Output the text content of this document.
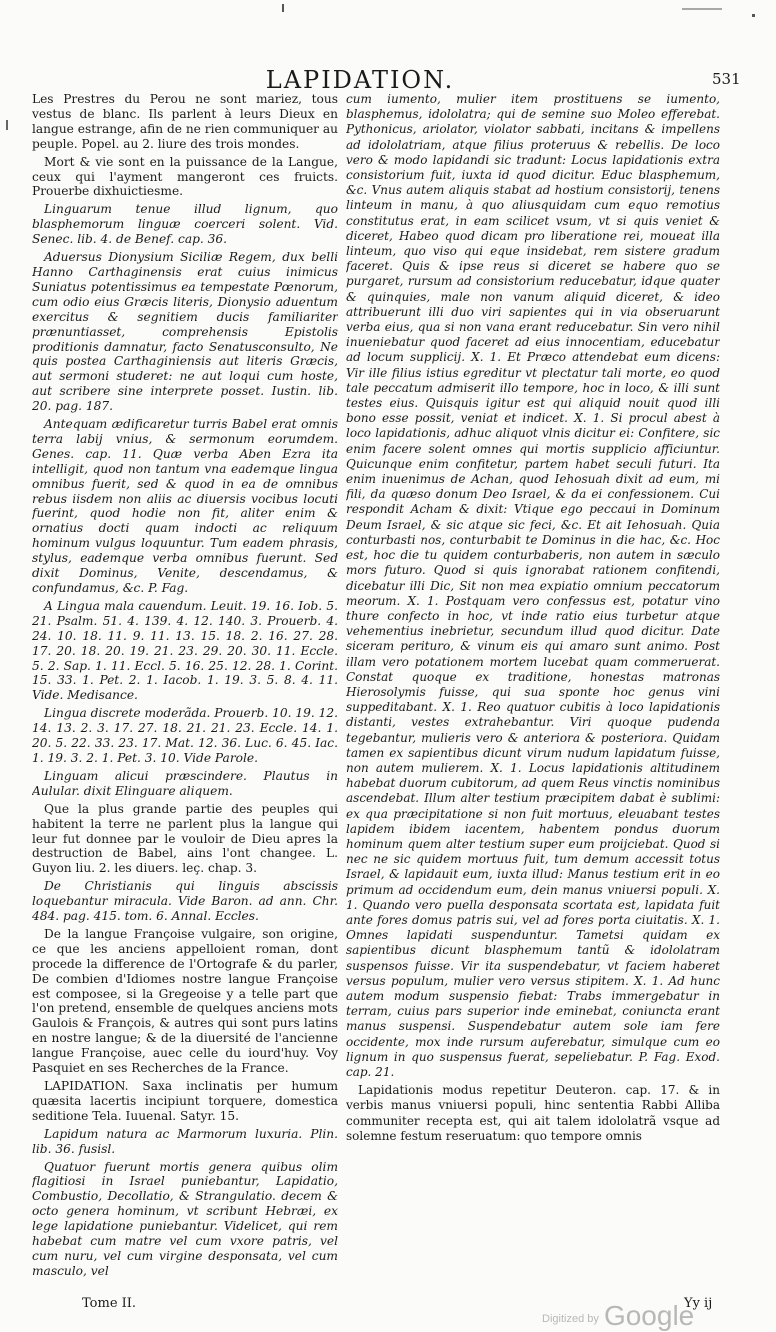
LAPIDATION.	531

Les Prestres du Perou ne sont mariez, tous vestus de blanc. Ils parlent à leurs Dieux en langue estrange, afin de ne rien communiquer au peuple. Popel. au 2. liure des trois mondes.

Mort & vie sont en la puissance de la Langue, ceux qui l'ayment mangeront ces fruicts. Prouerbe dixhuictiesme.

Linguarum tenue illud lignum, quo blasphemorum linguæ coerceri solent. Vid. Senec. lib. 4. de Benef. cap. 36.

Aduersus Dionysium Siciliæ Regem, dux belli Hanno Carthaginensis erat cuius inimicus Suniatus potentissimus ea tempestate Pœnorum, cum odio eius Græcis literis, Dionysio aduentum exercitus & segnitiem ducis familiariter prænuntiasset, comprehensis Epistolis proditionis damnatur, facto Senatusconsulto, Ne quis postea Carthaginiensis aut literis Græcis, aut sermoni studeret: ne aut loqui cum hoste, aut scribere sine interprete posset. Iustin. lib. 20. pag. 187.

Antequam ædificaretur turris Babel erat omnis terra labij vnius, & sermonum eorumdem. Genes. cap. 11. Quæ verba Aben Ezra ita intelligit, quod non tantum vna eademque lingua omnibus fuerit, sed & quod in ea de omnibus rebus iisdem non aliis ac diuersis vocibus locuti fuerint, quod hodie non fit, aliter enim & ornatius docti quam indocti ac reliquum hominum vulgus loquuntur. Tum eadem phrasis, stylus, eademque verba omnibus fuerunt. Sed dixit Dominus, Venite, descendamus, & confundamus, &c. P. Fag.

A Lingua mala cauendum. Leuit. 19. 16. Iob. 5. 21. Psalm. 51. 4. 139. 4. 12. 140. 3. Prouerb. 4. 24. 10. 18. 11. 9. 11. 13. 15. 18. 2. 16. 27. 28. 17. 20. 18. 20. 19. 21. 23. 29. 20. 30. 11. Eccle. 5. 2. Sap. 1. 11. Eccl. 5. 16. 25. 12. 28. 1. Corint. 15. 33. 1. Pet. 2. 1. Iacob. 1. 19. 3. 5. 8. 4. 11. Vide. Medisance.

Lingua discrete moderãda. Prouerb. 10. 19. 12. 14. 13. 2. 3. 17. 27. 18. 21. 21. 23. Eccle. 14. 1. 20. 5. 22. 33. 23. 17. Mat. 12. 36. Luc. 6. 45. Iac. 1. 19. 3. 2. 1. Pet. 3. 10. Vide Parole.

Linguam alicui præscindere. Plautus in Aulular. dixit Elinguare aliquem.

Que la plus grande partie des peuples qui habitent la terre ne parlent plus la langue qui leur fut donnee par le vouloir de Dieu apres la destruction de Babel, ains l'ont changee. L. Guyon liu. 2. les diuers. leç. chap. 3.

De Christianis qui linguis abscissis loquebantur miracula. Vide Baron. ad ann. Chr. 484. pag. 415. tom. 6. Annal. Eccles.

De la langue Françoise vulgaire, son origine, ce que les anciens appelloient roman, dont procede la difference de l'Ortografe & du parler, De combien d'Idiomes nostre langue Françoise est composee, si la Gregeoise y a telle part que l'on pretend, ensemble de quelques anciens mots Gaulois & François, & autres qui sont purs latins en nostre langue; & de la diuersité de l'ancienne langue Françoise, auec celle du iourd'huy. Voy Pasquiet en ses Recherches de la France.

LAPIDATION. Saxa inclinatis per humum quæsita lacertis incipiunt torquere, domestica seditione Tela. Iuuenal. Satyr. 15.

Lapidum natura ac Marmorum luxuria. Plin. lib. 36. fusisl.

Quatuor fuerunt mortis genera quibus olim flagitiosi in Israel puniebantur, Lapidatio, Combustio, Decollatio, & Strangulatio. decem & octo genera hominum, vt scribunt Hebræi, ex lege lapidatione puniebantur. Videlicet, qui rem habebat cum matre vel cum vxore patris, vel cum nuru, vel cum virgine desponsata, vel cum masculo, vel

cum iumento, mulier item prostituens se iumento, blasphemus, idololatra; qui de semine suo Moleo efferebat. Pythonicus, ariolator, violator sabbati, incitans & impellens ad idololatriam, atque filius proteruus & rebellis. De loco vero & modo lapidandi sic tradunt: Locus lapidationis extra consistorium fuit, iuxta id quod dicitur. Educ blasphemum, &c. Vnus autem aliquis stabat ad hostium consistorij, tenens linteum in manu, à quo aliusquidam cum equo remotius constitutus erat, in eam scilicet vsum, vt si quis veniet & diceret, Habeo quod dicam pro liberatione rei, moueat illa linteum, quo viso qui eque insidebat, rem sistere gradum faceret. Quis & ipse reus si diceret se habere quo se purgaret, rursum ad consistorium reducebatur, idque quater & quinquies, male non vanum aliquid diceret, & ideo attribuerunt illi duo viri sapientes qui in via obseruarunt verba eius, qua si non vana erant reducebatur. Sin vero nihil inueniebatur quod faceret ad eius innocentiam, educebatur ad locum supplicij. X. 1. Et Præco attendebat eum dicens: Vir ille filius istius egreditur vt plectatur tali morte, eo quod tale peccatum admiserit illo tempore, hoc in loco, & illi sunt testes eius. Quisquis igitur est qui aliquid nouit quod illi bono esse possit, veniat et indicet. X. 1. Si procul abest à loco lapidationis, adhuc aliquot vlnis dicitur ei: Confitere, sic enim facere solent omnes qui mortis supplicio afficiuntur. Quicunque enim confitetur, partem habet seculi futuri. Ita enim inuenimus de Achan, quod Iehosuah dixit ad eum, mi fili, da quæso donum Deo Israel, & da ei confessionem. Cui respondit Acham & dixit: Vtique ego peccaui in Dominum Deum Israel, & sic atque sic feci, &c. Et ait Iehosuah. Quia conturbasti nos, conturbabit te Dominus in die hac, &c. Hoc est, hoc die tu quidem conturbaberis, non autem in sæculo mors futuro. Quod si quis ignorabat rationem confitendi, dicebatur illi Dic, Sit non mea expiatio omnium peccatorum meorum. X. 1. Postquam vero confessus est, potatur vino thure confecto in hoc, vt inde ratio eius turbetur atque vehementius inebrietur, secundum illud quod dicitur. Date siceram perituro, & vinum eis qui amaro sunt animo. Post illam vero potationem mortem lucebat quam commeruerat. Constat quoque ex traditione, honestas matronas Hierosolymis fuisse, qui sua sponte hoc genus vini suppeditabant. X. 1. Reo quatuor cubitis à loco lapidationis distanti, vestes extrahebantur. Viri quoque pudenda tegebantur, mulieris vero & anteriora & posteriora. Quidam tamen ex sapientibus dicunt virum nudum lapidatum fuisse, non autem mulierem. X. 1. Locus lapidationis altitudinem habebat duorum cubitorum, ad quem Reus vinctis nominibus ascendebat. Illum alter testium præcipitem dabat è sublimi: ex qua præcipitatione si non fuit mortuus, eleuabant testes lapidem ibidem iacentem, habentem pondus duorum hominum quem alter testium super eum proijciebat. Quod si nec ne sic quidem mortuus fuit, tum demum accessit totus Israel, & lapidauit eum, iuxta illud: Manus testium erit in eo primum ad occidendum eum, dein manus vniuersi populi. X. 1. Quando vero puella desponsata scortata est, lapidata fuit ante fores domus patris sui, vel ad fores porta ciuitatis. X. 1. Omnes lapidati suspenduntur. Tametsi quidam ex sapientibus dicunt blasphemum tantũ & idololatram suspensos fuisse. Vir ita suspendebatur, vt faciem haberet versus populum, mulier vero versus stipitem. X. 1. Ad hunc autem modum suspensio fiebat: Trabs immergebatur in terram, cuius pars superior inde eminebat, coniuncta erant manus suspensi. Suspendebatur autem sole iam fere occidente, mox inde rursum auferebatur, simulque cum eo lignum in quo suspensus fuerat, sepeliebatur. P. Fag. Exod. cap. 21.

Lapidationis modus repetitur Deuteron. cap. 17. & in verbis manus vniuersi populi, hinc sententia Rabbi Alliba communiter recepta est, qui ait talem idololatrã vsque ad solemne festum reseruatum: quo tempore omnis

Tome II.	Yy ij
Digitized by Google
